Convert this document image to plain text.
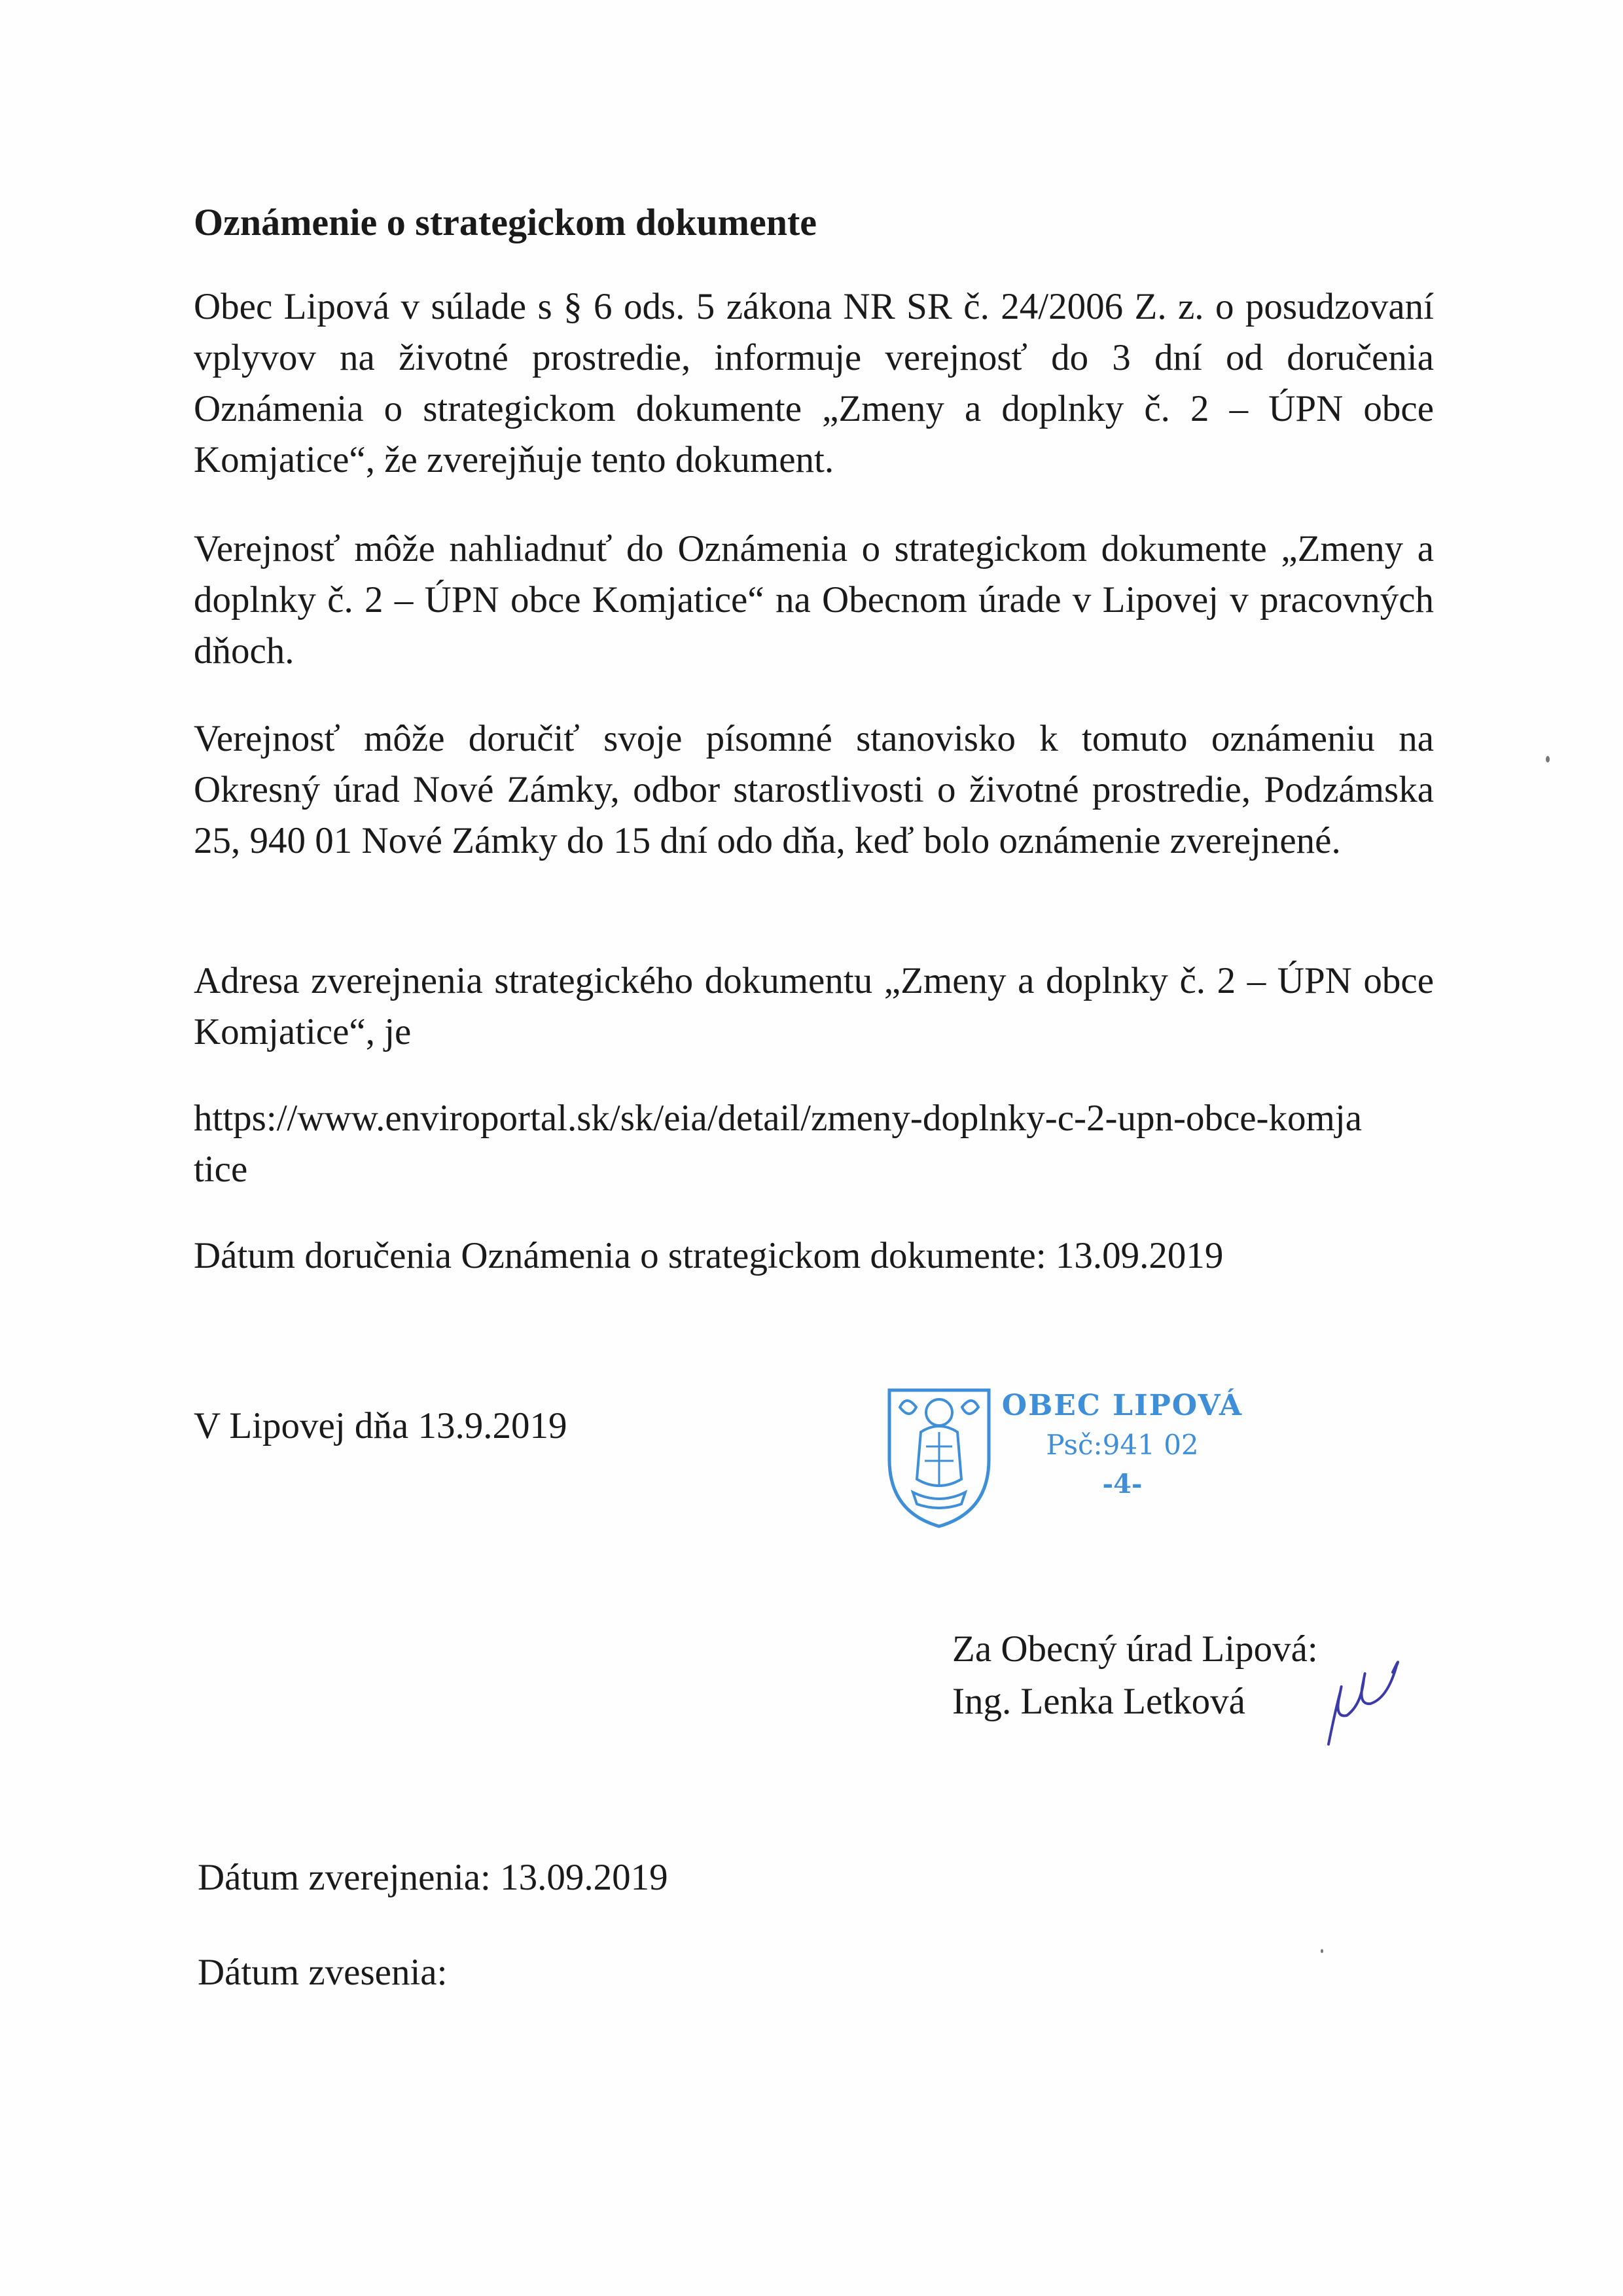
Oznámenie o strategickom dokumente

Obec Lipová v súlade s § 6 ods. 5 zákona NR SR č. 24/2006 Z. z. o posudzovaní vplyvov na životné prostredie, informuje verejnosť do 3 dní od doručenia Oznámenia o strategickom dokumente „Zmeny a doplnky č. 2 – ÚPN obce Komjatice“, že zverejňuje tento dokument.

Verejnosť môže nahliadnuť do Oznámenia o strategickom dokumente „Zmeny a doplnky č. 2 – ÚPN obce Komjatice“ na Obecnom úrade v Lipovej v pracovných dňoch.

Verejnosť môže doručiť svoje písomné stanovisko k tomuto oznámeniu na Okresný úrad Nové Zámky, odbor starostlivosti o životné prostredie, Podzámska 25, 940 01 Nové Zámky do 15 dní odo dňa, keď bolo oznámenie zverejnené.

Adresa zverejnenia strategického dokumentu „Zmeny a doplnky č. 2 – ÚPN obce Komjatice“, je

https://www.enviroportal.sk/sk/eia/detail/zmeny-doplnky-c-2-upn-obce-komjatice

Dátum doručenia Oznámenia o strategickom dokumente: 13.09.2019

V Lipovej dňa 13.9.2019	OBEC LIPOVÁ
Psč:941 02
-4-
Za Obecný úrad Lipová:
Ing. Lenka Letková
Dátum zverejnenia: 13.09.2019
Dátum zvesenia:
